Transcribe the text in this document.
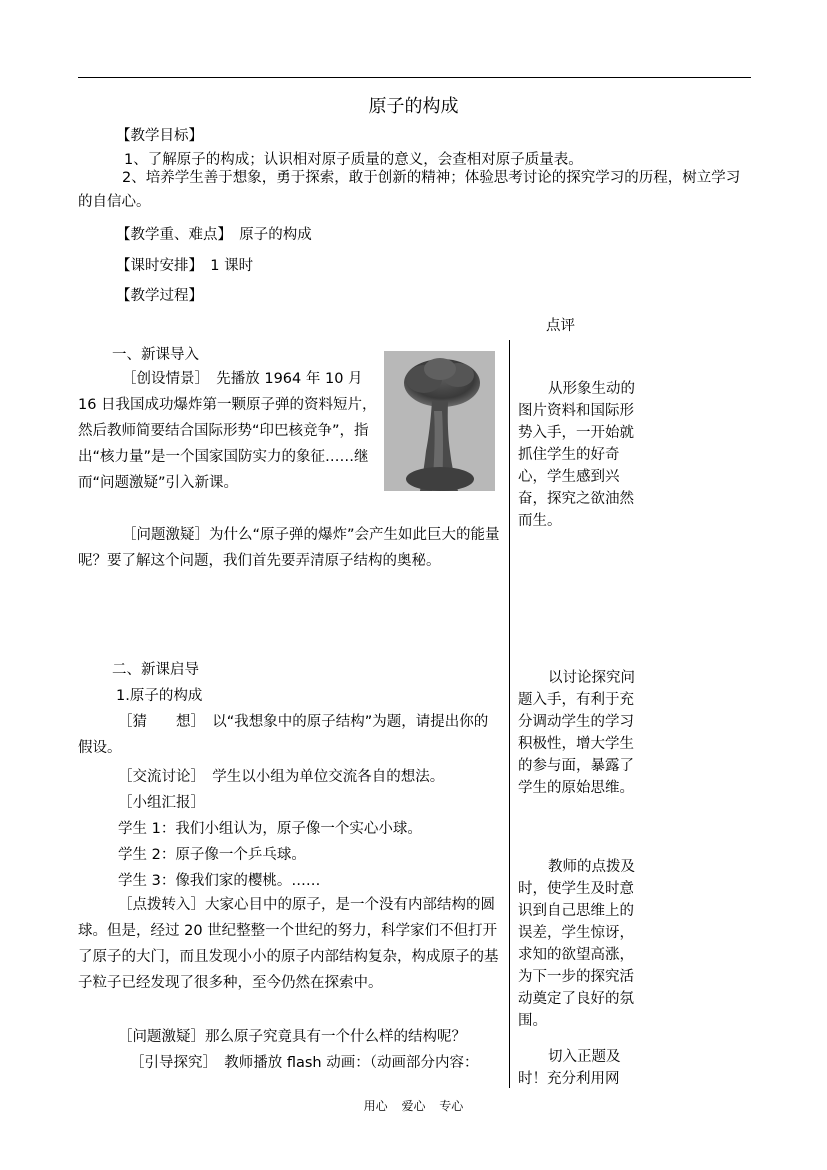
原子的构成
【教学目标】
1、了解原子的构成；认识相对原子质量的意义，会查相对原子质量表。
2、培养学生善于想象，勇于探索，敢于创新的精神；体验思考讨论的探究学习的历程，树立学习的自信心。
【教学重、难点】　原子的构成
【课时安排】　1 课时
【教学过程】
点评
一、新课导入
［创设情景］　先播放 1964 年 10 月 16 日我国成功爆炸第一颗原子弹的资料短片，然后教师简要结合国际形势“印巴核竞争”，指出“核力量”是一个国家国防实力的象征……继而“问题激疑”引入新课。
［问题激疑］为什么“原子弹的爆炸”会产生如此巨大的能量呢？要了解这个问题，我们首先要弄清原子结构的奥秘。
二、新课启导
1.原子的构成
［猜　　想］　以“我想象中的原子结构”为题，请提出你的假设。
［交流讨论］　学生以小组为单位交流各自的想法。
［小组汇报］
学生 1：我们小组认为，原子像一个实心小球。
学生 2：原子像一个乒乓球。
学生 3：像我们家的樱桃。……
［点拨转入］大家心目中的原子，是一个没有内部结构的圆球。但是，经过 20 世纪整整一个世纪的努力，科学家们不但打开了原子的大门，而且发现小小的原子内部结构复杂，构成原子的基子粒子已经发现了很多种，至今仍然在探索中。
［问题激疑］那么原子究竟具有一个什么样的结构呢？
［引导探究］　教师播放 flash 动画：（动画部分内容：
从形象生动的图片资料和国际形势入手，一开始就抓住学生的好奇心，学生感到兴奋，探究之欲油然而生。
以讨论探究问题入手，有利于充分调动学生的学习积极性，增大学生的参与面，暴露了学生的原始思维。
教师的点拨及时，使学生及时意识到自己思维上的误差，学生惊讶，求知的欲望高涨，为下一步的探究活动奠定了良好的氛围。
切入正题及时！充分利用网
用心 爱心 专心
